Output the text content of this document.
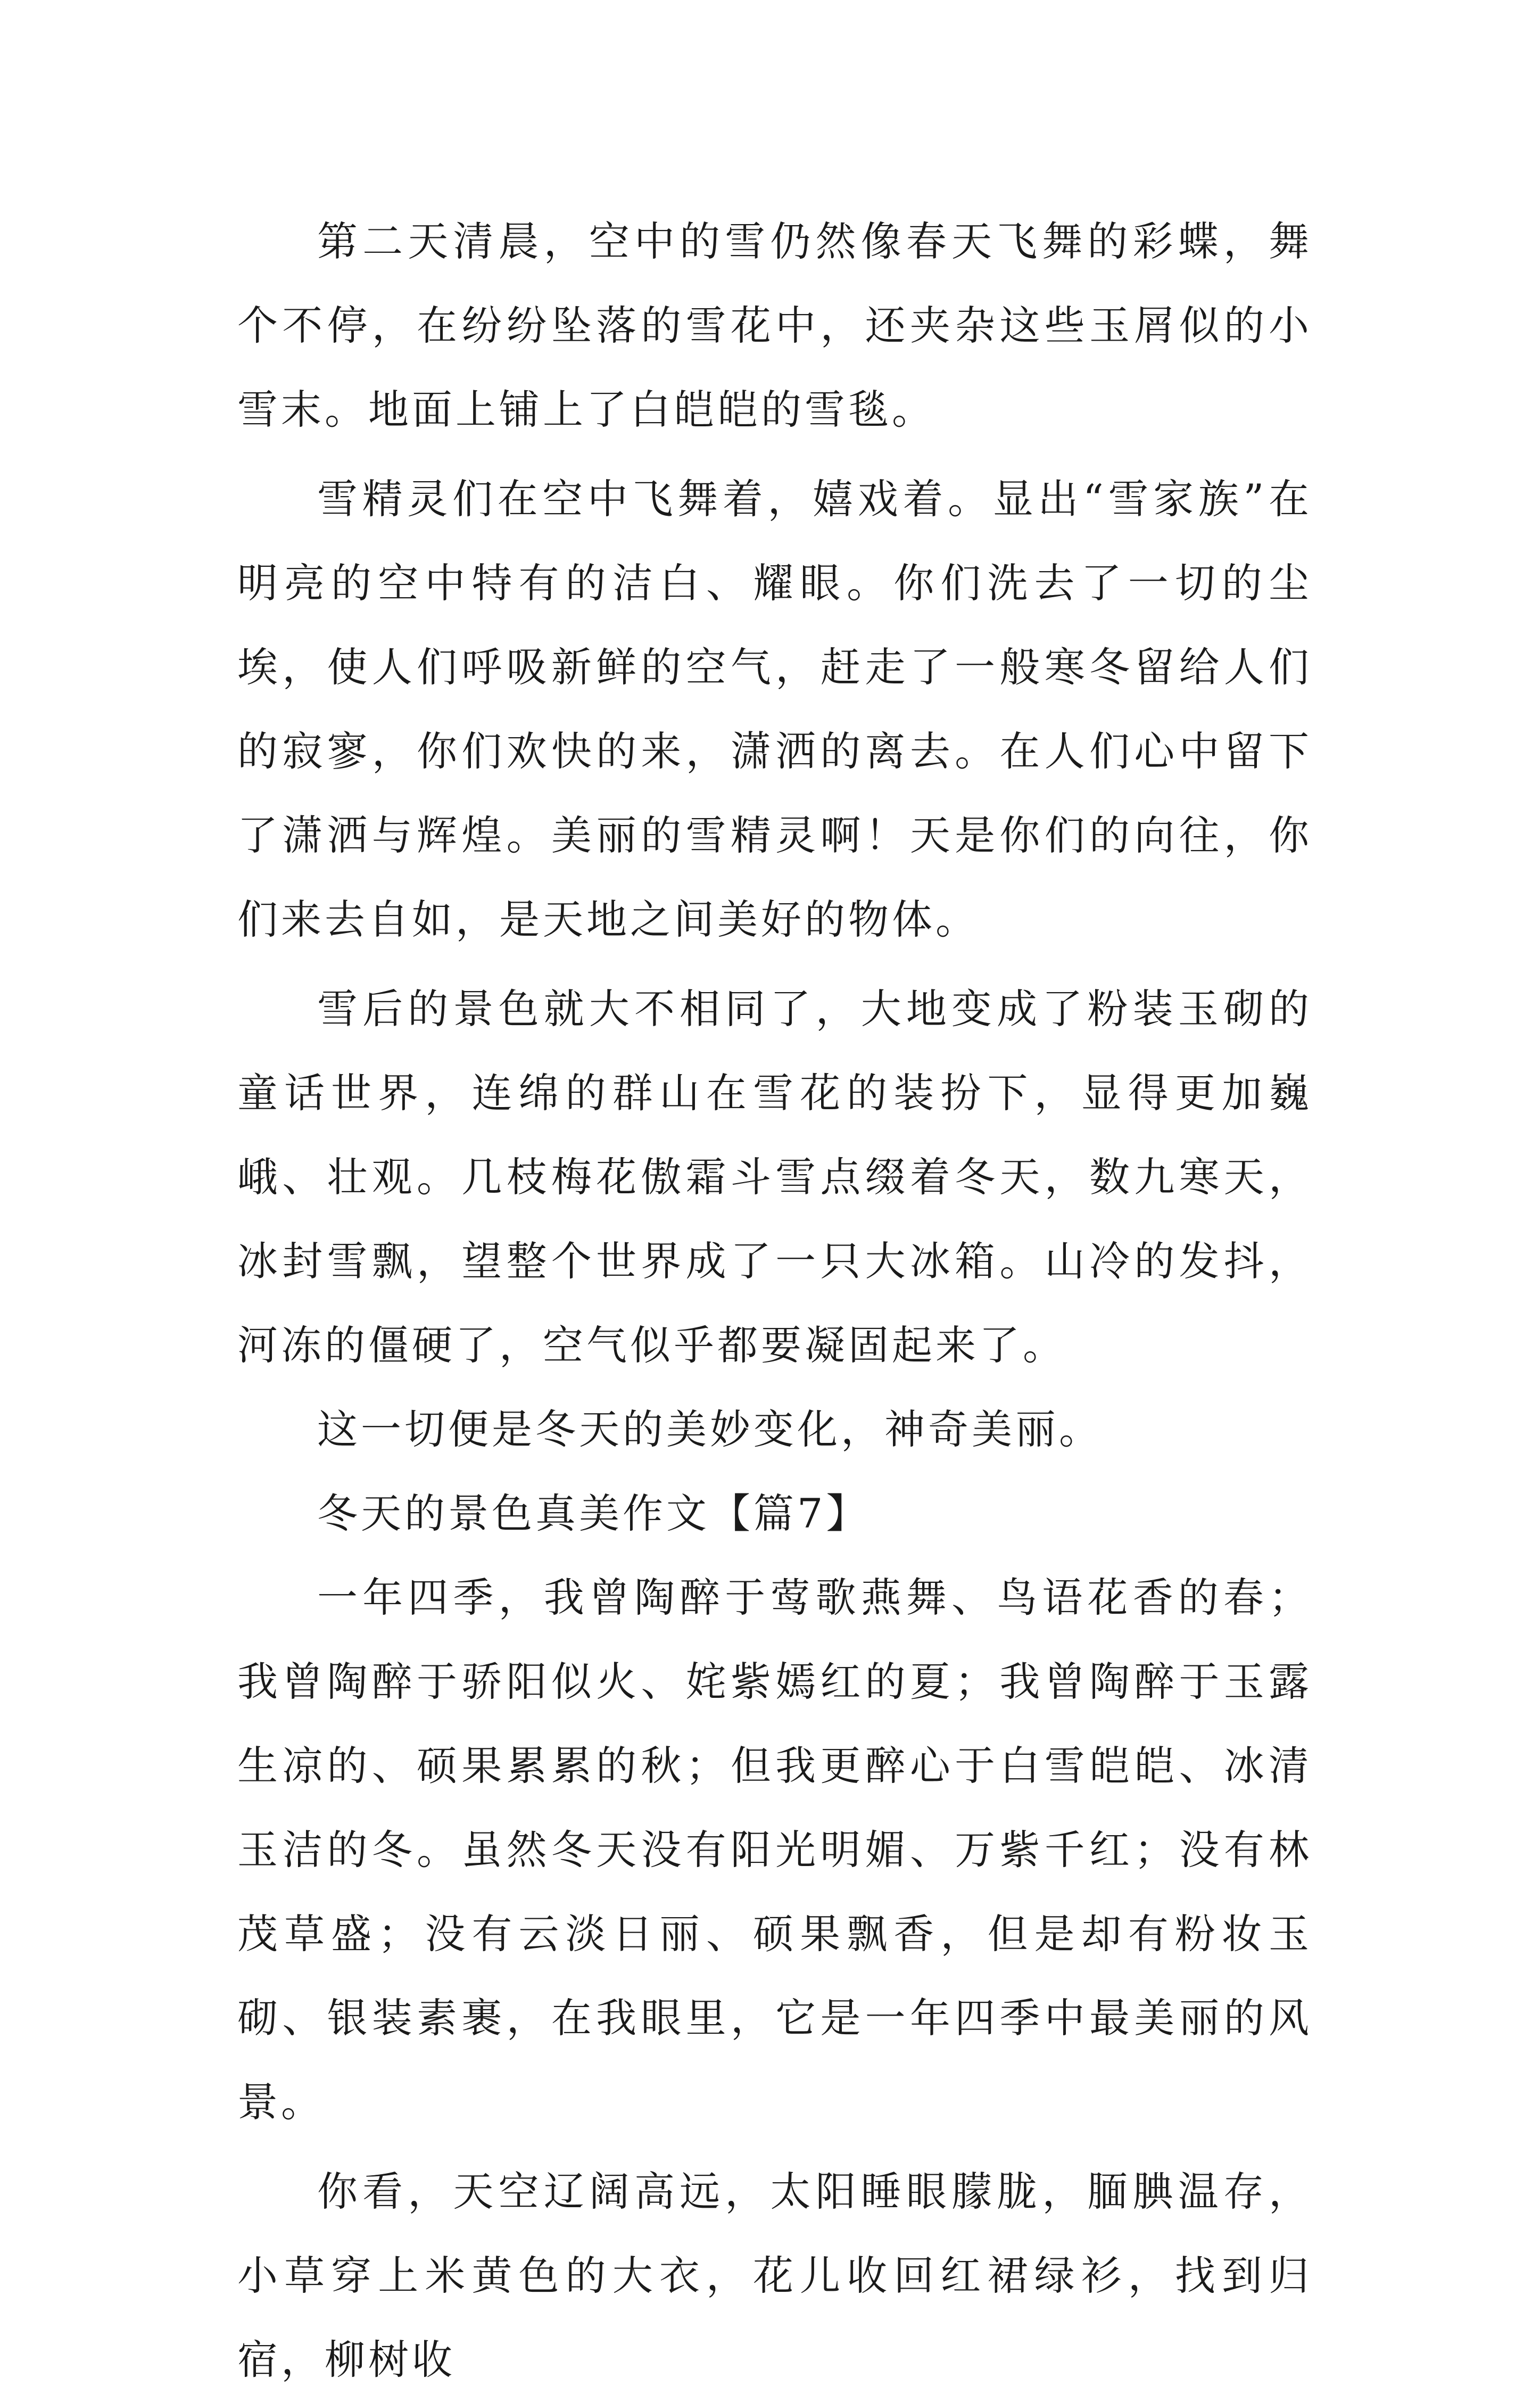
第二天清晨，空中的雪仍然像春天飞舞的彩蝶，舞个不停，在纷纷坠落的雪花中，还夹杂这些玉屑似的小雪末。地面上铺上了白皑皑的雪毯。

雪精灵们在空中飞舞着，嬉戏着。显出“雪家族”在明亮的空中特有的洁白、耀眼。你们洗去了一切的尘埃，使人们呼吸新鲜的空气，赶走了一般寒冬留给人们的寂寥，你们欢快的来，潇洒的离去。在人们心中留下了潇洒与辉煌。美丽的雪精灵啊！天是你们的向往，你们来去自如，是天地之间美好的物体。

雪后的景色就大不相同了，大地变成了粉装玉砌的童话世界，连绵的群山在雪花的装扮下，显得更加巍峨、壮观。几枝梅花傲霜斗雪点缀着冬天，数九寒天，冰封雪飘，望整个世界成了一只大冰箱。山冷的发抖，河冻的僵硬了，空气似乎都要凝固起来了。

这一切便是冬天的美妙变化，神奇美丽。

冬天的景色真美作文【篇7】

一年四季，我曾陶醉于莺歌燕舞、鸟语花香的春；我曾陶醉于骄阳似火、姹紫嫣红的夏；我曾陶醉于玉露生凉的、硕果累累的秋；但我更醉心于白雪皑皑、冰清玉洁的冬。虽然冬天没有阳光明媚、万紫千红；没有林茂草盛；没有云淡日丽、硕果飘香，但是却有粉妆玉砌、银装素裹，在我眼里，它是一年四季中最美丽的风景。

你看，天空辽阔高远，太阳睡眼朦胧，腼腆温存，小草穿上米黄色的大衣，花儿收回红裙绿衫，找到归宿，柳树收
